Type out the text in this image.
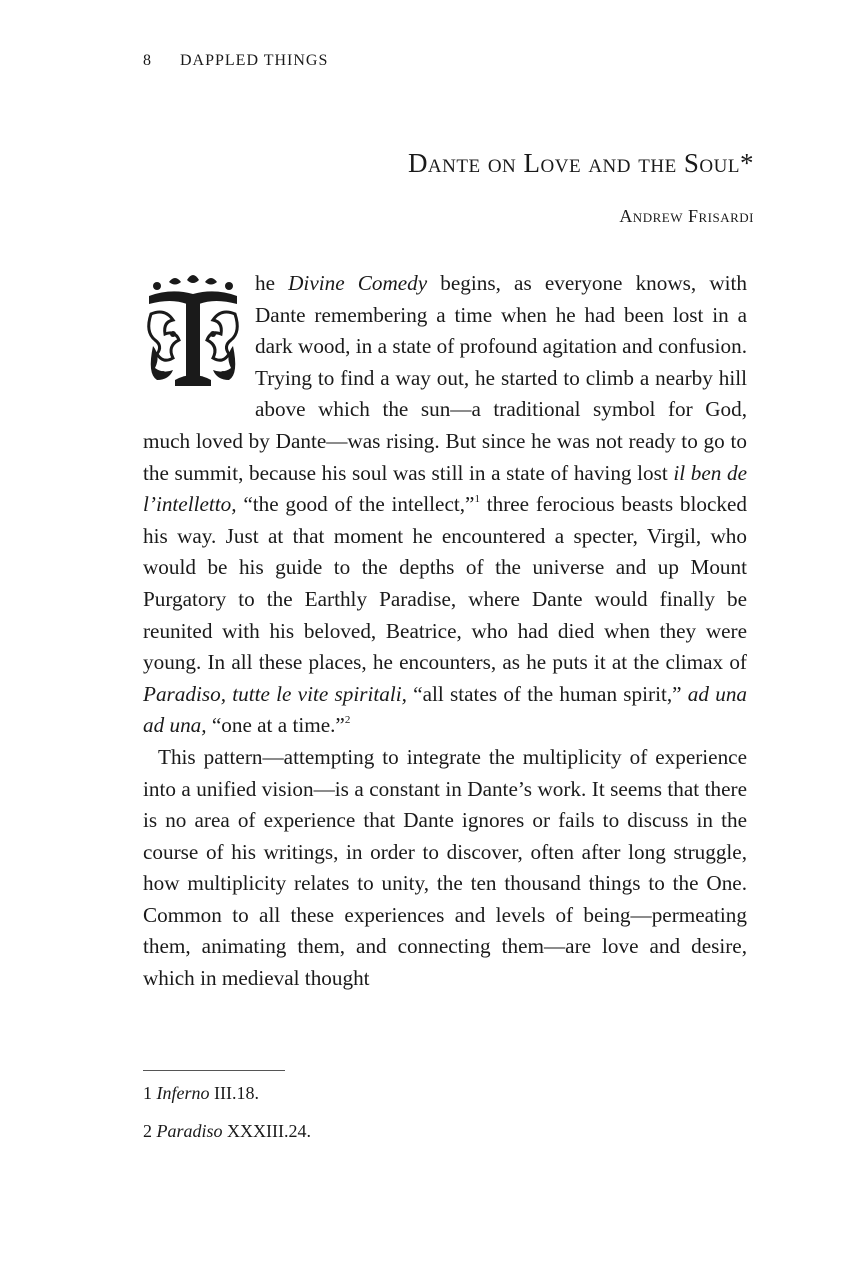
8 DAPPLED THINGS
Dante on Love and the Soul*
Andrew Frisardi

he Divine Comedy begins, as everyone knows, with Dante remembering a time when he had been lost in a dark wood, in a state of profound agitation and confusion. Trying to find a way out, he started to climb a nearby hill above which the sun—a traditional symbol for God, much loved by Dante—was rising. But since he was not ready to go to the summit, because his soul was still in a state of having lost il ben de l’intelletto, “the good of the intellect,”$^1$ three ferocious beasts blocked his way. Just at that moment he encountered a specter, Virgil, who would be his guide to the depths of the universe and up Mount Purgatory to the Earthly Paradise, where Dante would finally be reunited with his beloved, Beatrice, who had died when they were young. In all these places, he encounters, as he puts it at the climax of Paradiso, tutte le vite spiritali, “all states of the human spirit,” ad una ad una, “one at a time.”$^2$

This pattern—attempting to integrate the multiplicity of experience into a unified vision—is a constant in Dante’s work. It seems that there is no area of experience that Dante ignores or fails to discuss in the course of his writings, in order to discover, often after long struggle, how multiplicity relates to unity, the ten thousand things to the One. Common to all these experiences and levels of being—permeating them, animating them, and connecting them—are love and desire, which in medieval thought

1 Inferno III.18.

2 Paradiso XXXIII.24.
